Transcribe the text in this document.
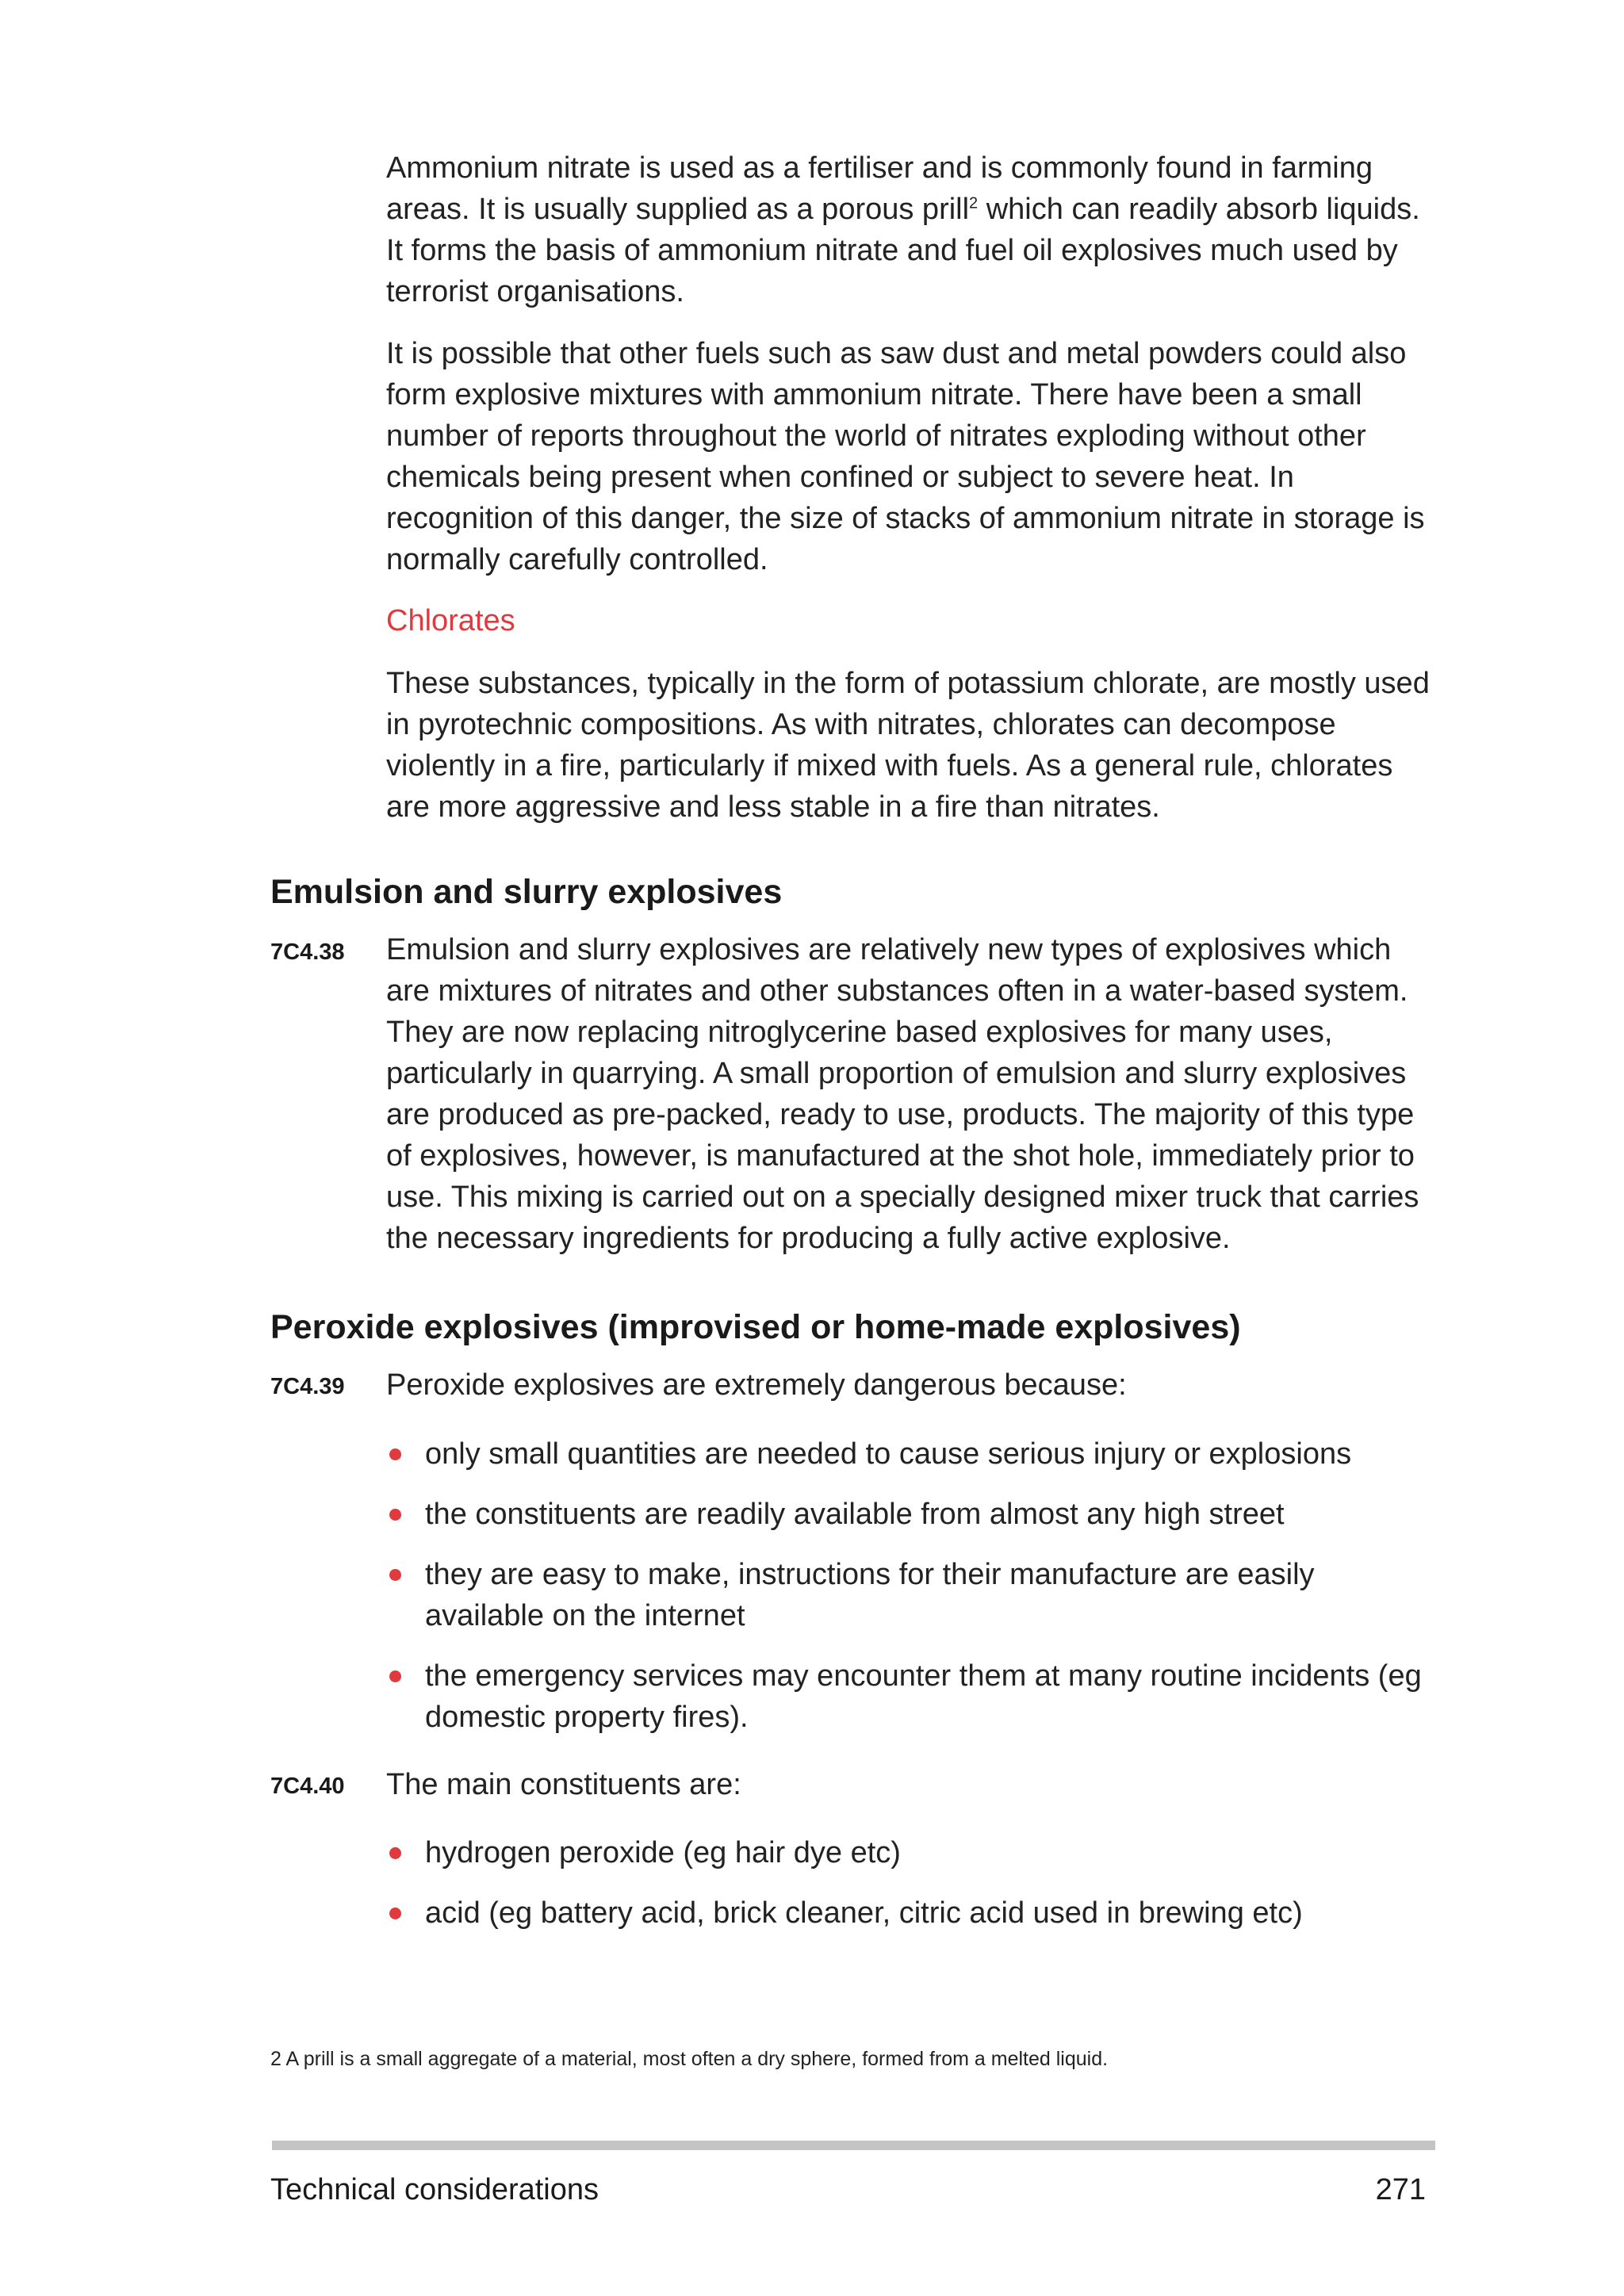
Ammonium nitrate is used as a fertiliser and is commonly found in farming areas. It is usually supplied as a porous prill$^2$ which can readily absorb liquids. It forms the basis of ammonium nitrate and fuel oil explosives much used by terrorist organisations.

It is possible that other fuels such as saw dust and metal powders could also form explosive mixtures with ammonium nitrate. There have been a small number of reports throughout the world of nitrates exploding without other chemicals being present when confined or subject to severe heat. In recognition of this danger, the size of stacks of ammonium nitrate in storage is normally carefully controlled.

Chlorates

These substances, typically in the form of potassium chlorate, are mostly used in pyrotechnic compositions. As with nitrates, chlorates can decompose violently in a fire, particularly if mixed with fuels. As a general rule, chlorates are more aggressive and less stable in a fire than nitrates.

Emulsion and slurry explosives
7C4.38 Emulsion and slurry explosives are relatively new types of explosives which are mixtures of nitrates and other substances often in a water-based system. They are now replacing nitroglycerine based explosives for many uses, particularly in quarrying. A small proportion of emulsion and slurry explosives are produced as pre-packed, ready to use, products. The majority of this type of explosives, however, is manufactured at the shot hole, immediately prior to use. This mixing is carried out on a specially designed mixer truck that carries the necessary ingredients for producing a fully active explosive.

Peroxide explosives (improvised or home-made explosives)
7C4.39 Peroxide explosives are extremely dangerous because:

only small quantities are needed to cause serious injury or explosions
the constituents are readily available from almost any high street
they are easy to make, instructions for their manufacture are easily available on the internet
the emergency services may encounter them at many routine incidents (eg domestic property fires).
7C4.40 The main constituents are:

hydrogen peroxide (eg hair dye etc)
acid (eg battery acid, brick cleaner, citric acid used in brewing etc)
2 A prill is a small aggregate of a material, most often a dry sphere, formed from a melted liquid.
Technical considerations	271
